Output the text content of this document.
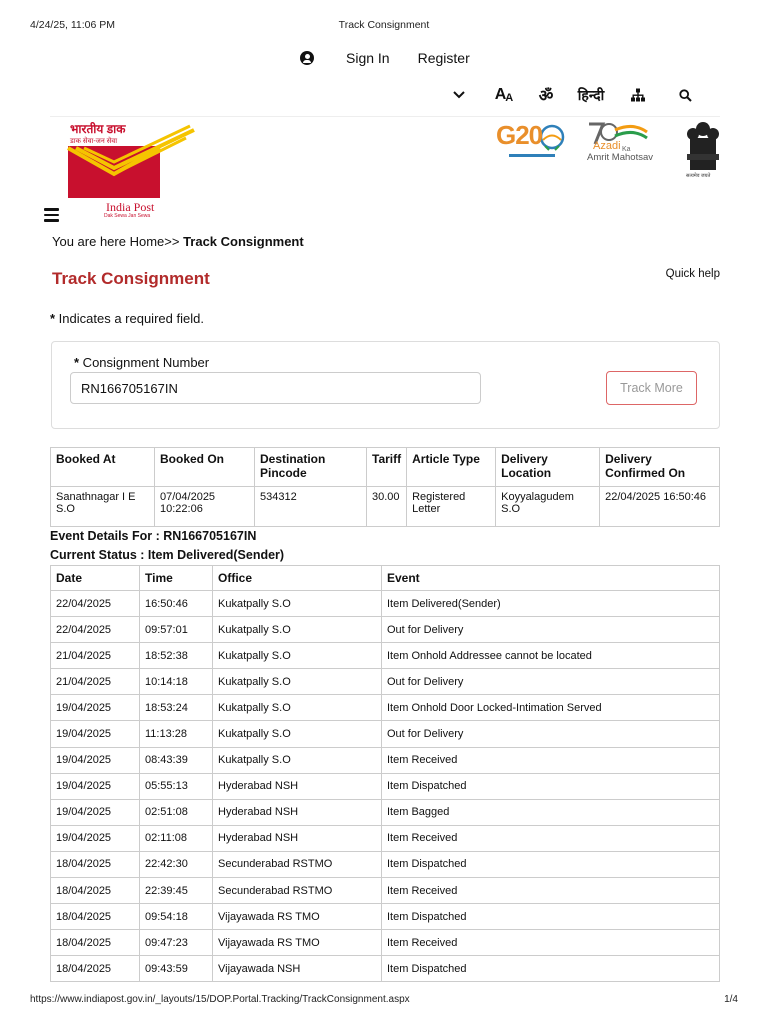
4/24/25, 11:06 PM	Track Consignment
Sign In Register
A A ॐ हिन्दी
भारतीय डाक
डाक सेवा-जन सेवा
India Post
Dak Sewa Jan Sewa
G20	Azadi Ka
Amrit Mahotsav
सत्यमेव जयते
You are here Home>> Track Consignment
Track Consignment	Quick help
* Indicates a required field.
* Consignment Number
RN166705167IN
Track More
Booked At	Booked On	Destination Pincode	Tariff	Article Type	Delivery Location	Delivery Confirmed On
Sanathnagar I E S.O	07/04/2025 10:22:06	534312	30.00	Registered Letter	Koyyalagudem S.O	22/04/2025 16:50:46
Event Details For : RN166705167IN
Current Status : Item Delivered(Sender)
Date	Time	Office	Event
22/04/2025	16:50:46	Kukatpally S.O	Item Delivered(Sender)
22/04/2025	09:57:01	Kukatpally S.O	Out for Delivery
21/04/2025	18:52:38	Kukatpally S.O	Item Onhold Addressee cannot be located
21/04/2025	10:14:18	Kukatpally S.O	Out for Delivery
19/04/2025	18:53:24	Kukatpally S.O	Item Onhold Door Locked-Intimation Served
19/04/2025	11:13:28	Kukatpally S.O	Out for Delivery
19/04/2025	08:43:39	Kukatpally S.O	Item Received
19/04/2025	05:55:13	Hyderabad NSH	Item Dispatched
19/04/2025	02:51:08	Hyderabad NSH	Item Bagged
19/04/2025	02:11:08	Hyderabad NSH	Item Received
18/04/2025	22:42:30	Secunderabad RSTMO	Item Dispatched
18/04/2025	22:39:45	Secunderabad RSTMO	Item Received
18/04/2025	09:54:18	Vijayawada RS TMO	Item Dispatched
18/04/2025	09:47:23	Vijayawada RS TMO	Item Received
18/04/2025	09:43:59	Vijayawada NSH	Item Dispatched
https://www.indiapost.gov.in/_layouts/15/DOP.Portal.Tracking/TrackConsignment.aspx	1/4
